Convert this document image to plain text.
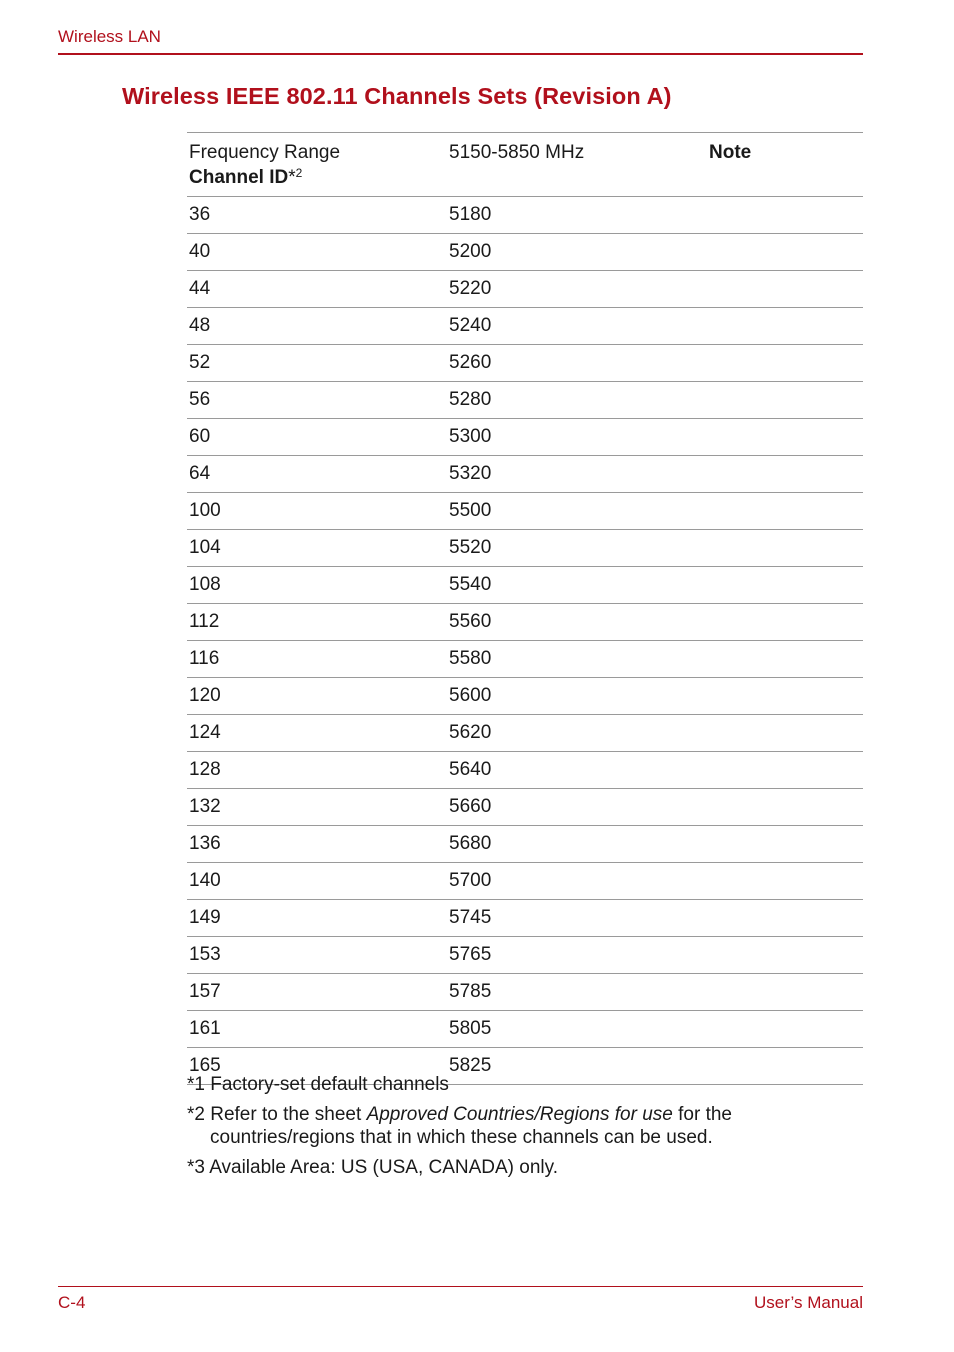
Wireless LAN
Wireless IEEE 802.11 Channels Sets (Revision A)
Frequency Range
Channel ID*$^2$	5150-5850 MHz	Note
36	5180	
40	5200	
44	5220	
48	5240	
52	5260	
56	5280	
60	5300	
64	5320	
100	5500	
104	5520	
108	5540	
112	5560	
116	5580	
120	5600	
124	5620	
128	5640	
132	5660	
136	5680	
140	5700	
149	5745	
153	5765	
157	5785	
161	5805	
165	5825	
*1 Factory-set default channels
*2 Refer to the sheet Approved Countries/Regions for use for the countries/regions that in which these channels can be used.
*3 Available Area: US (USA, CANADA) only.
C-4	User’s Manual
